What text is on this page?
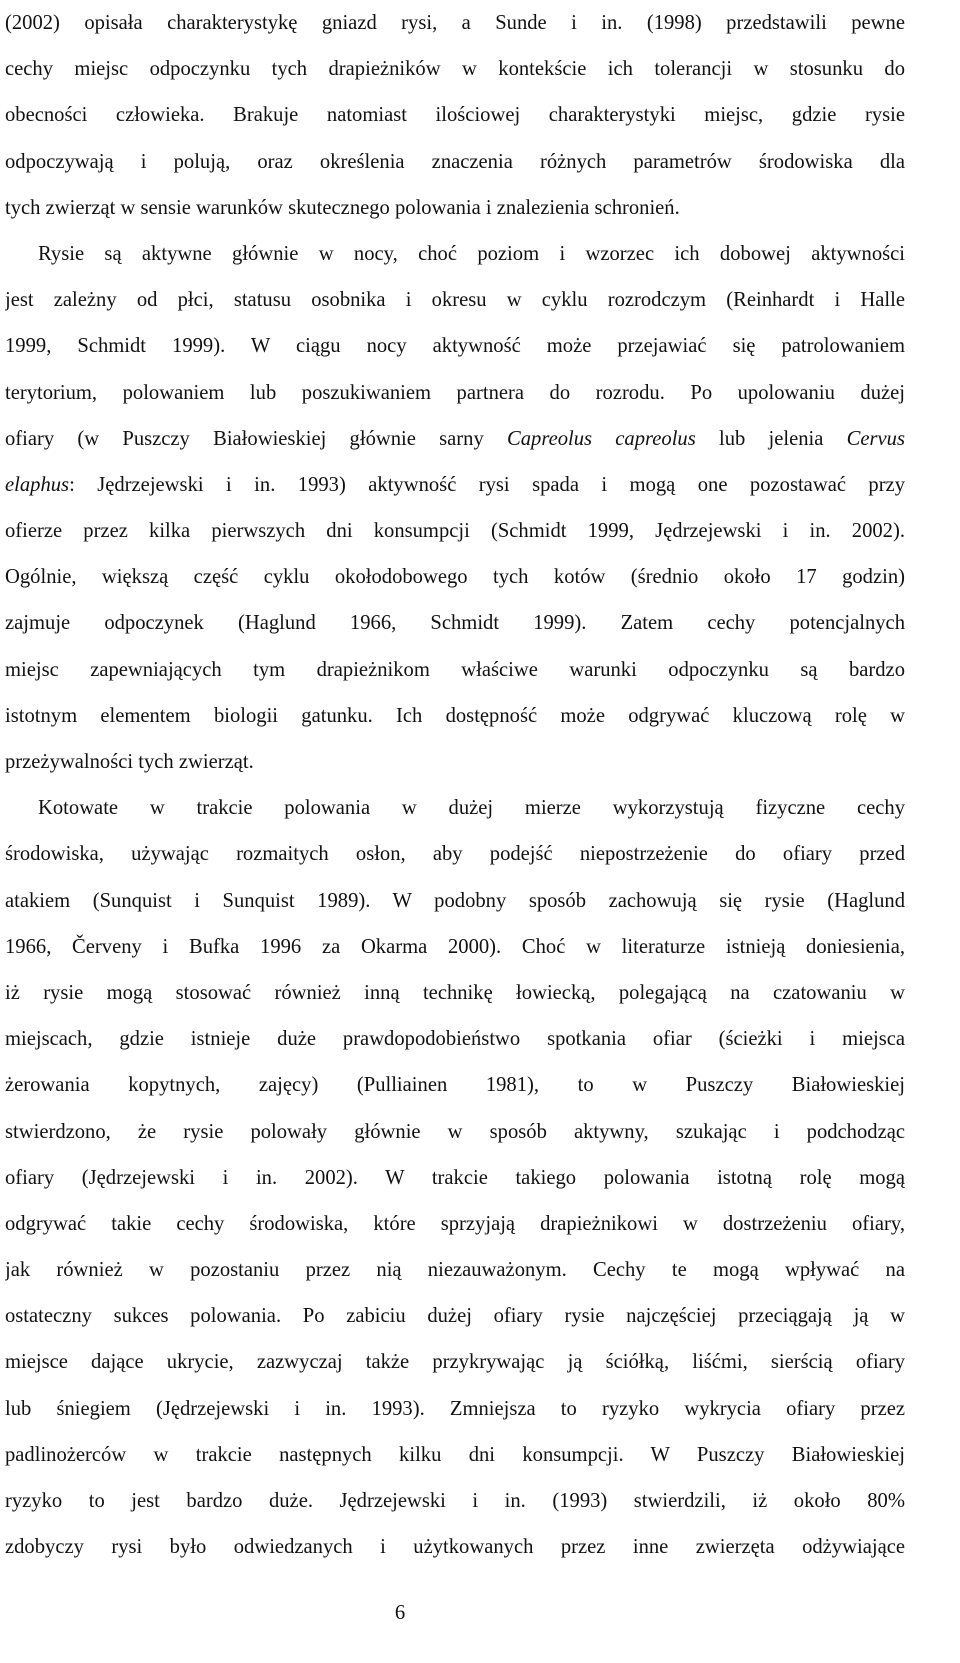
(2002) opisała charakterystykę gniazd rysi, a Sunde i in. (1998) przedstawili pewne
cechy miejsc odpoczynku tych drapieżników w kontekście ich tolerancji w stosunku do
obecności człowieka. Brakuje natomiast ilościowej charakterystyki miejsc, gdzie rysie
odpoczywają i polują, oraz określenia znaczenia różnych parametrów środowiska dla
tych zwierząt w sensie warunków skutecznego polowania i znalezienia schronień.
Rysie są aktywne głównie w nocy, choć poziom i wzorzec ich dobowej aktywności
jest zależny od płci, statusu osobnika i okresu w cyklu rozrodczym (Reinhardt i Halle
1999, Schmidt 1999). W ciągu nocy aktywność może przejawiać się patrolowaniem
terytorium, polowaniem lub poszukiwaniem partnera do rozrodu. Po upolowaniu dużej
ofiary (w Puszczy Białowieskiej głównie sarny Capreolus capreolus lub jelenia Cervus
elaphus: Jędrzejewski i in. 1993) aktywność rysi spada i mogą one pozostawać przy
ofierze przez kilka pierwszych dni konsumpcji (Schmidt 1999, Jędrzejewski i in. 2002).
Ogólnie, większą część cyklu okołodobowego tych kotów (średnio około 17 godzin)
zajmuje odpoczynek (Haglund 1966, Schmidt 1999). Zatem cechy potencjalnych
miejsc zapewniających tym drapieżnikom właściwe warunki odpoczynku są bardzo
istotnym elementem biologii gatunku. Ich dostępność może odgrywać kluczową rolę w
przeżywalności tych zwierząt.
Kotowate w trakcie polowania w dużej mierze wykorzystują fizyczne cechy
środowiska, używając rozmaitych osłon, aby podejść niepostrzeżenie do ofiary przed
atakiem (Sunquist i Sunquist 1989). W podobny sposób zachowują się rysie (Haglund
1966, Červeny i Bufka 1996 za Okarma 2000). Choć w literaturze istnieją doniesienia,
iż rysie mogą stosować również inną technikę łowiecką, polegającą na czatowaniu w
miejscach, gdzie istnieje duże prawdopodobieństwo spotkania ofiar (ścieżki i miejsca
żerowania kopytnych, zajęcy) (Pulliainen 1981), to w Puszczy Białowieskiej
stwierdzono, że rysie polowały głównie w sposób aktywny, szukając i podchodząc
ofiary (Jędrzejewski i in. 2002). W trakcie takiego polowania istotną rolę mogą
odgrywać takie cechy środowiska, które sprzyjają drapieżnikowi w dostrzeżeniu ofiary,
jak również w pozostaniu przez nią niezauważonym. Cechy te mogą wpływać na
ostateczny sukces polowania. Po zabiciu dużej ofiary rysie najczęściej przeciągają ją w
miejsce dające ukrycie, zazwyczaj także przykrywając ją ściółką, liśćmi, sierścią ofiary
lub śniegiem (Jędrzejewski i in. 1993). Zmniejsza to ryzyko wykrycia ofiary przez
padlinożerców w trakcie następnych kilku dni konsumpcji. W Puszczy Białowieskiej
ryzyko to jest bardzo duże. Jędrzejewski i in. (1993) stwierdzili, iż około 80%
zdobyczy rysi było odwiedzanych i użytkowanych przez inne zwierzęta odżywiające
6
